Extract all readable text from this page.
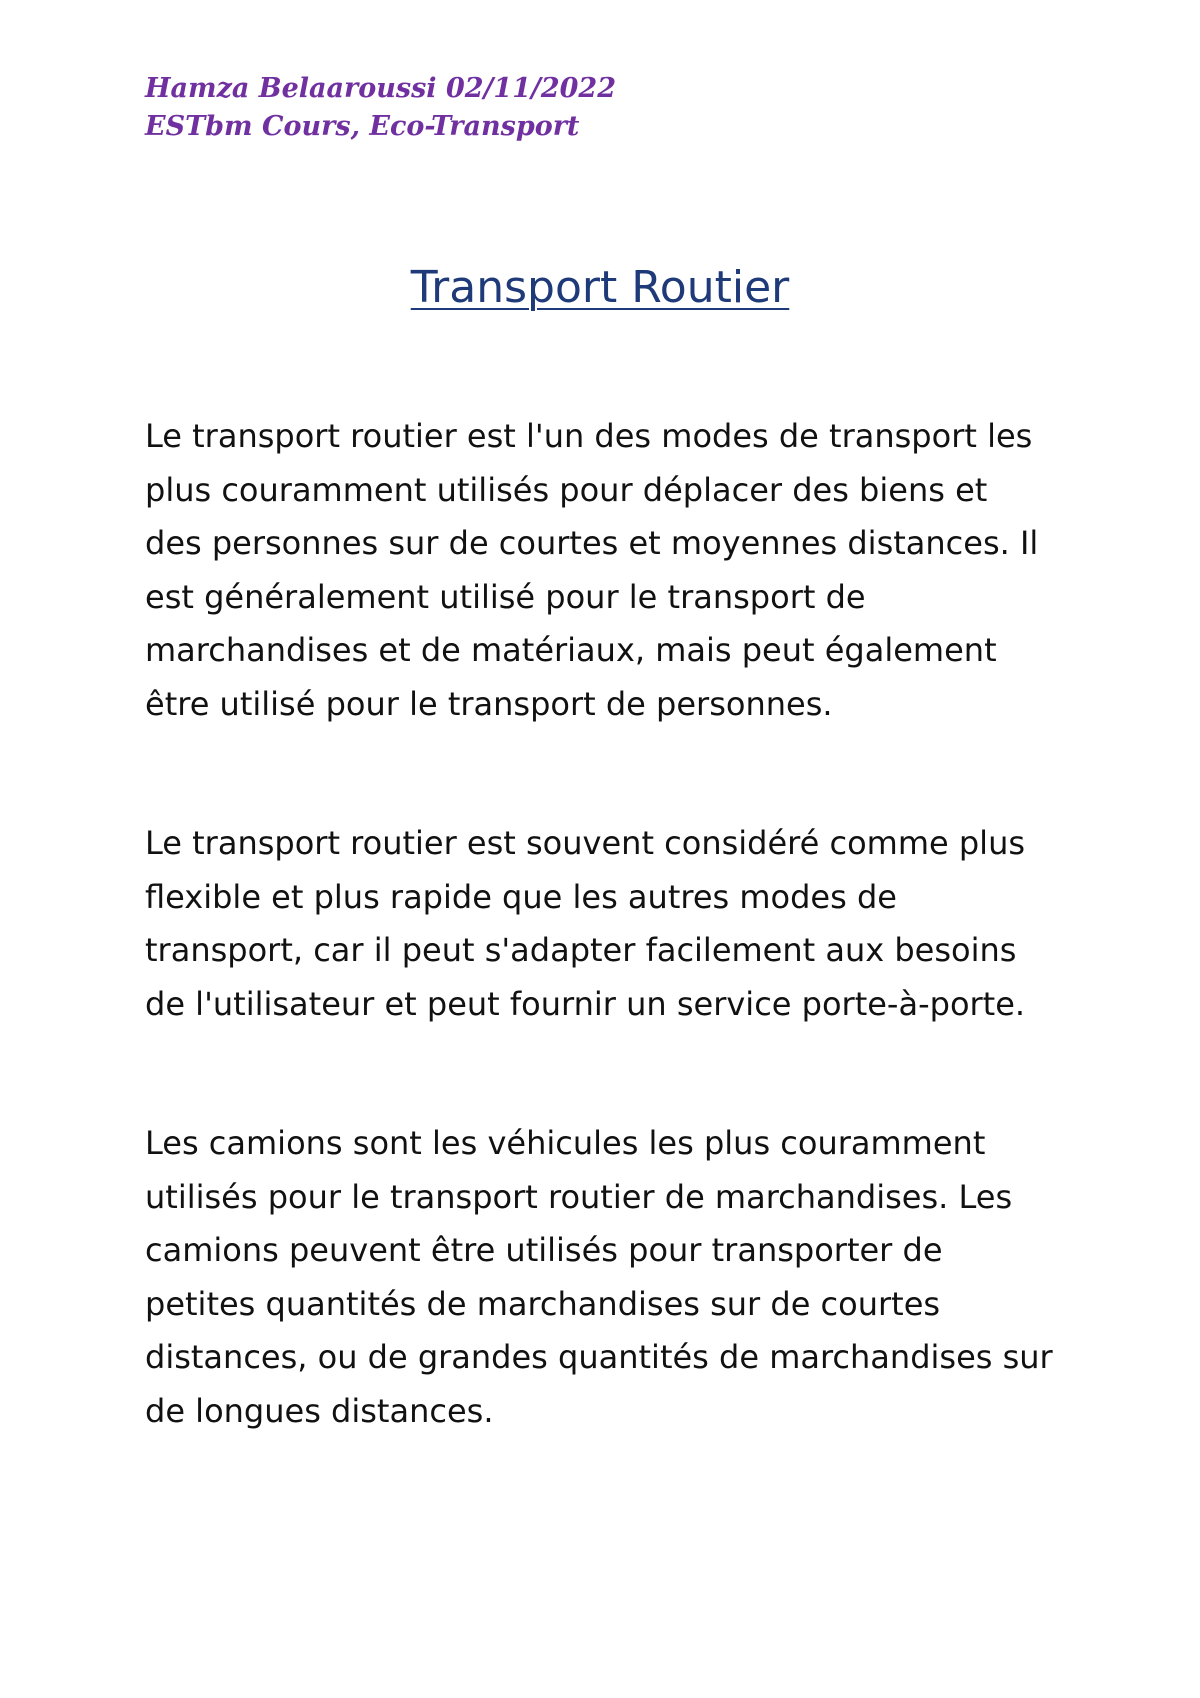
Hamza Belaaroussi 02/11/2022
ESTbm Cours, Eco-Transport
Transport Routier

Le transport routier est l'un des modes de transport les
plus couramment utilisés pour déplacer des biens et
des personnes sur de courtes et moyennes distances. Il
est généralement utilisé pour le transport de
marchandises et de matériaux, mais peut également
être utilisé pour le transport de personnes.

Le transport routier est souvent considéré comme plus
flexible et plus rapide que les autres modes de
transport, car il peut s'adapter facilement aux besoins
de l'utilisateur et peut fournir un service porte-à-porte.

Les camions sont les véhicules les plus couramment
utilisés pour le transport routier de marchandises. Les
camions peuvent être utilisés pour transporter de
petites quantités de marchandises sur de courtes
distances, ou de grandes quantités de marchandises sur
de longues distances.
